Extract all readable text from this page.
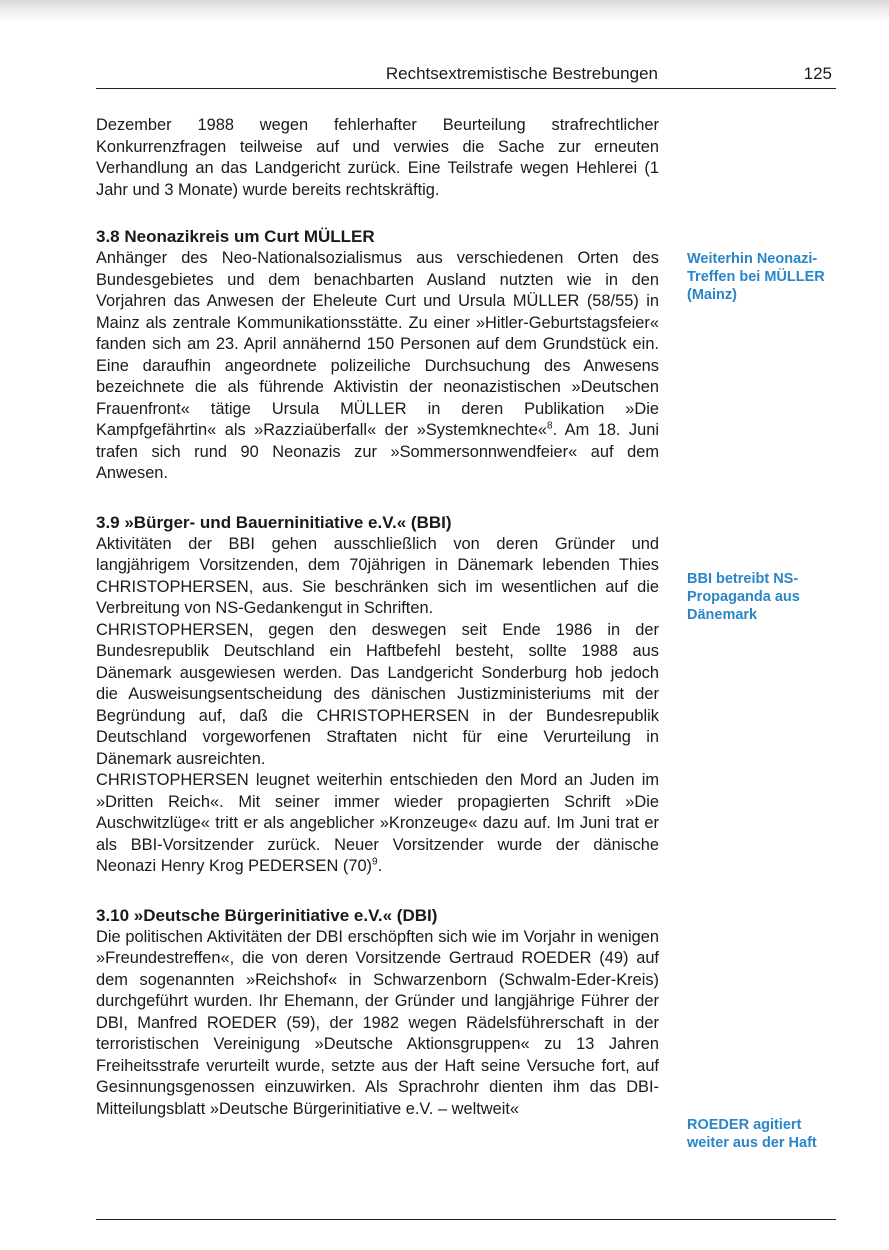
Rechtsextremistische Bestrebungen	125

Dezember 1988 wegen fehlerhafter Beurteilung strafrechtlicher Konkurrenzfragen teilweise auf und verwies die Sache zur erneuten Verhandlung an das Landgericht zurück. Eine Teilstrafe wegen Hehlerei (1 Jahr und 3 Monate) wurde bereits rechtskräftig.

3.8 Neonazikreis um Curt MÜLLER

Anhänger des Neo-Nationalsozialismus aus verschiedenen Orten des Bundesgebietes und dem benachbarten Ausland nutzten wie in den Vorjahren das Anwesen der Eheleute Curt und Ursula MÜLLER (58/55) in Mainz als zentrale Kommunikationsstätte. Zu einer »Hitler-Geburtstagsfeier« fanden sich am 23. April annähernd 150 Personen auf dem Grundstück ein. Eine daraufhin angeordnete polizeiliche Durchsuchung des Anwesens bezeichnete die als führende Aktivistin der neonazistischen »Deutschen Frauenfront« tätige Ursula MÜLLER in deren Publikation »Die Kampfgefährtin« als »Razziaüberfall« der »Systemknechte«$^8$. Am 18. Juni trafen sich rund 90 Neonazis zur »Sommersonnwendfeier« auf dem Anwesen.

3.9 »Bürger- und Bauerninitiative e.V.« (BBI)

Aktivitäten der BBI gehen ausschließlich von deren Gründer und langjährigem Vorsitzenden, dem 70jährigen in Dänemark lebenden Thies CHRISTOPHERSEN, aus. Sie beschränken sich im wesentlichen auf die Verbreitung von NS-Gedankengut in Schriften.

CHRISTOPHERSEN, gegen den deswegen seit Ende 1986 in der Bundesrepublik Deutschland ein Haftbefehl besteht, sollte 1988 aus Dänemark ausgewiesen werden. Das Landgericht Sonderburg hob jedoch die Ausweisungsentscheidung des dänischen Justizministeriums mit der Begründung auf, daß die CHRISTOPHERSEN in der Bundesrepublik Deutschland vorgeworfenen Straftaten nicht für eine Verurteilung in Dänemark ausreichten.

CHRISTOPHERSEN leugnet weiterhin entschieden den Mord an Juden im »Dritten Reich«. Mit seiner immer wieder propagierten Schrift »Die Auschwitzlüge« tritt er als angeblicher »Kronzeuge« dazu auf. Im Juni trat er als BBI-Vorsitzender zurück. Neuer Vorsitzender wurde der dänische Neonazi Henry Krog PEDERSEN $(70)^9$.

3.10 »Deutsche Bürgerinitiative e.V.« (DBI)

Die politischen Aktivitäten der DBI erschöpften sich wie im Vorjahr in wenigen »Freundestreffen«, die von deren Vorsitzende Gertraud ROEDER (49) auf dem sogenannten »Reichshof« in Schwarzenborn (Schwalm-Eder-Kreis) durchgeführt wurden. Ihr Ehemann, der Gründer und langjährige Führer der DBI, Manfred ROEDER (59), der 1982 wegen Rädelsführerschaft in der terroristischen Vereinigung »Deutsche Aktionsgruppen« zu 13 Jahren Freiheitsstrafe verurteilt wurde, setzte aus der Haft seine Versuche fort, auf Gesinnungsgenossen einzuwirken. Als Sprachrohr dienten ihm das DBI-Mitteilungsblatt »Deutsche Bürgerinitiative e.V. – weltweit«

Weiterhin Neonazi-Treffen bei MÜLLER (Mainz)
BBI betreibt NS-Propaganda aus Dänemark
ROEDER agitiert weiter aus der Haft
